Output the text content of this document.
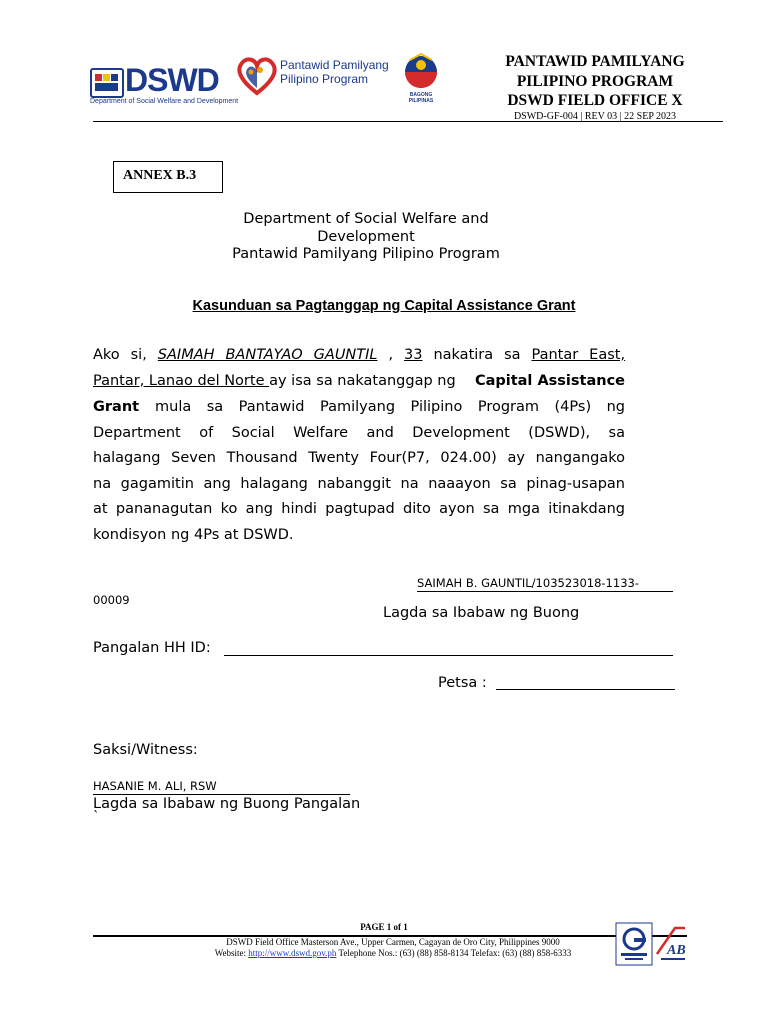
DSWD
Department of Social Welfare and Development
Pantawid Pamilyang
Pilipino Program
BAGONG PILIPINAS
PANTAWID PAMILYANG
PILIPINO PROGRAM
DSWD FIELD OFFICE X
DSWD-GF-004 | REV 03 | 22 SEP 2023
ANNEX B.3
Department of Social Welfare and
Development
Pantawid Pamilyang Pilipino Program
Kasunduan sa Pagtanggap ng Capital Assistance Grant
Ako si, SAIMAH BANTAYAO GAUNTIL , 33 nakatira sa Pantar East,
Pantar, Lanao del Norte ay isa sa nakatanggap ng Capital Assistance
Grant mula sa Pantawid Pamilyang Pilipino Program (4Ps) ng
Department of Social Welfare and Development (DSWD), sa
halagang Seven Thousand Twenty Four(P7, 024.00) ay nangangako
na gagamitin ang halagang nabanggit na naaayon sa pinag-usapan
at pananagutan ko ang hindi pagtupad dito ayon sa mga itinakdang
kondisyon ng 4Ps at DSWD.
SAIMAH B. GAUNTIL/103523018-1133-
00009
Lagda sa Ibabaw ng Buong
Pangalan HH ID:
Petsa :
Saksi/Witness:
HASANIE M. ALI, RSW
Lagda sa Ibabaw ng Buong Pangalan
`
PAGE 1 of 1
DSWD Field Office Masterson Ave., Upper Carmen, Cagayan de Oro City, Philippines 9000
Website: http://www.dswd.gov.ph Telephone Nos.: (63) (88) 858-8134 Telefax: (63) (88) 858-6333	AB
